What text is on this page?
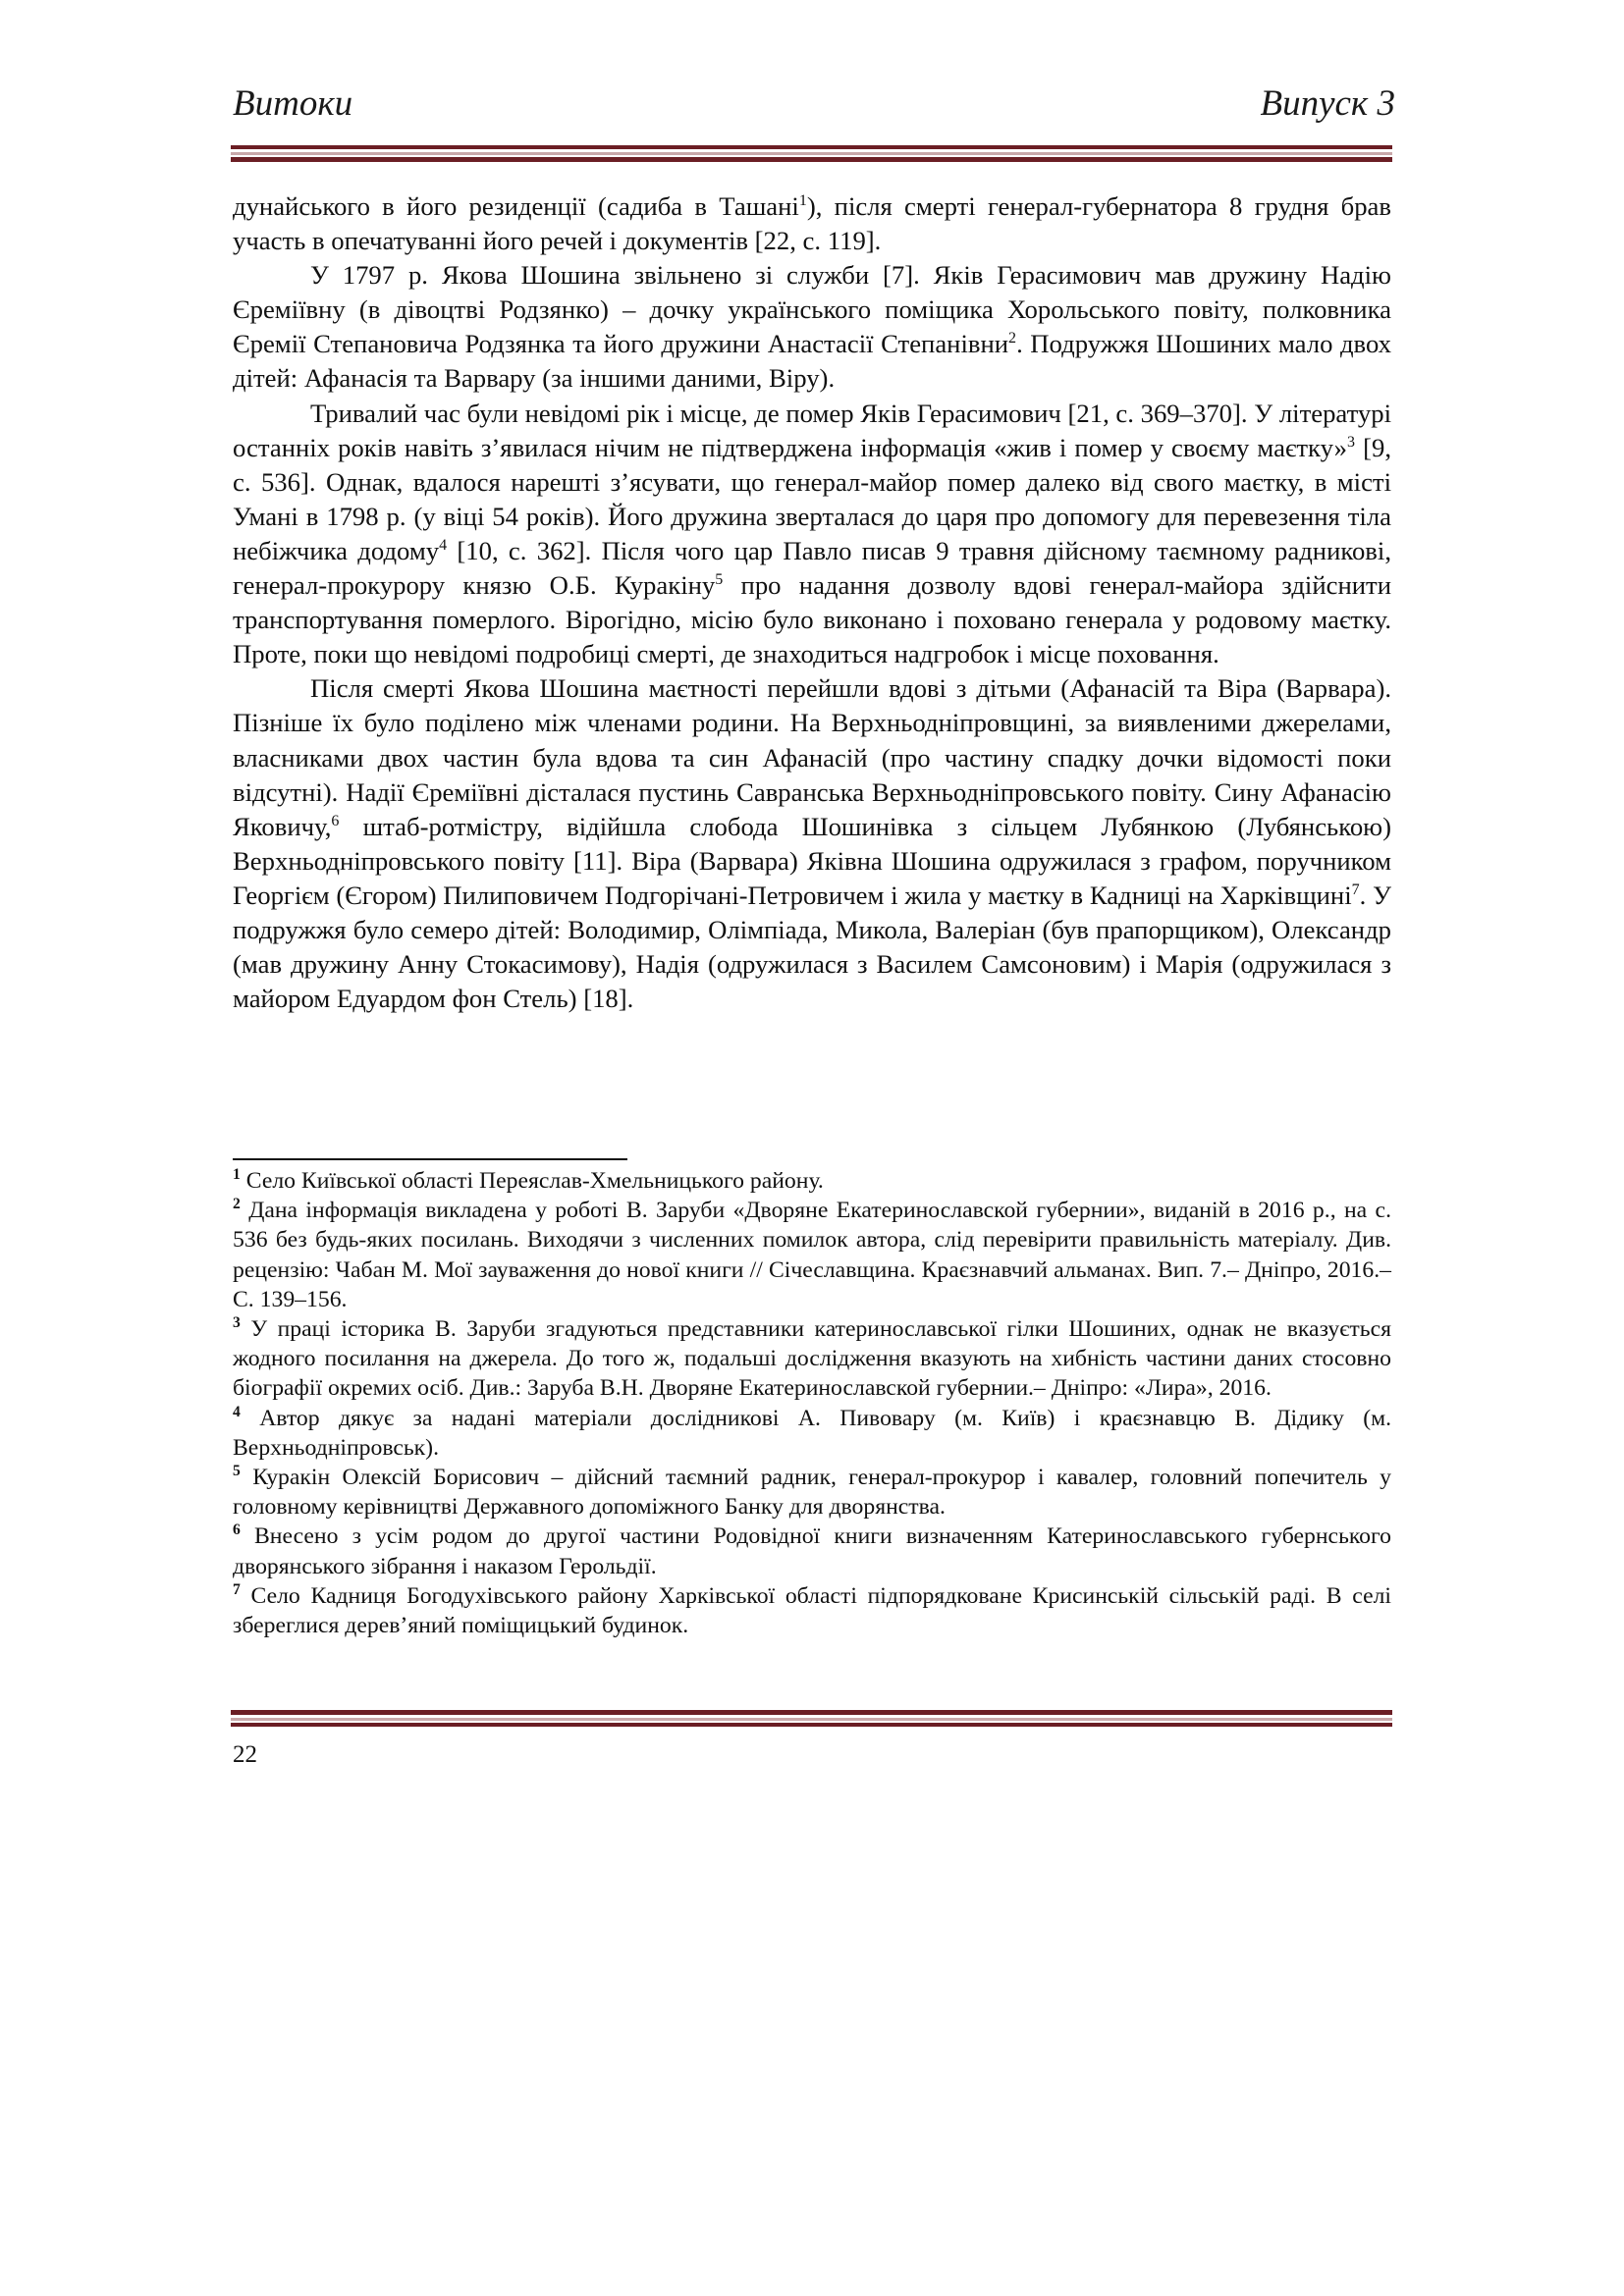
Витоки	Випуск 3

дунайського в його резиденції (садиба в Ташані$^1$), після смерті генерал-губернатора 8 грудня брав участь в опечатуванні його речей і документів [22, с. 119].

У 1797 р. Якова Шошина звільнено зі служби [7]. Яків Герасимович мав дружину Надію Єреміївну (в дівоцтві Родзянко) – дочку українського поміщика Хорольського повіту, полковника Єремії Степановича Родзянка та його дружини Анастасії Степанівни$^2$. Подружжя Шошиних мало двох дітей: Афанасія та Варвару (за іншими даними, Віру).

Тривалий час були невідомі рік і місце, де помер Яків Герасимович [21, с. 369–370]. У літературі останніх років навіть з’явилася нічим не підтверджена інформація «жив і помер у своєму маєтку»$^3$ [9, с. 536]. Однак, вдалося нарешті з’ясувати, що генерал-майор помер далеко від свого маєтку, в місті Умані в 1798 р. (у віці 54 років). Його дружина зверталася до царя про допомогу для перевезення тіла небіжчика додому$^4$ [10, с. 362]. Після чого цар Павло писав 9 травня дійсному таємному радникові, генерал-прокурору князю О.Б. Куракіну$^5$ про надання дозволу вдові генерал-майора здійснити транспортування померлого. Вірогідно, місію було виконано і поховано генерала у родовому маєтку. Проте, поки що невідомі подробиці смерті, де знаходиться надгробок і місце поховання.

Після смерті Якова Шошина маєтності перейшли вдові з дітьми (Афанасій та Віра (Варвара). Пізніше їх було поділено між членами родини. На Верхньодніпровщині, за виявленими джерелами, власниками двох частин була вдова та син Афанасій (про частину спадку дочки відомості поки відсутні). Надії Єреміївні дісталася пустинь Савранська Верхньодніпровського повіту. Сину Афанасію Яковичу,$^6$ штаб-ротмістру, відійшла слобода Шошинівка з сільцем Лубянкою (Лубянською) Верхньодніпровського повіту [11]. Віра (Варвара) Яківна Шошина одружилася з графом, поручником Георгієм (Єгором) Пилиповичем Подгорічані-Петровичем і жила у маєтку в Кадниці на Харківщині$^7$. У подружжя було семеро дітей: Володимир, Олімпіада, Микола, Валеріан (був прапорщиком), Олександр (мав дружину Анну Стокасимову), Надія (одружилася з Василем Самсоновим) і Марія (одружилася з майором Едуардом фон Стель) [18].

$^1$ Село Київської області Переяслав-Хмельницького району.

$^2$ Дана інформація викладена у роботі В. Заруби «Дворяне Екатеринославской губернии», виданій в 2016 р., на с. 536 без будь-яких посилань. Виходячи з численних помилок автора, слід перевірити правильність матеріалу. Див. рецензію: Чабан М. Мої зауваження до нової книги // Січеславщина. Краєзнавчий альманах. Вип. 7.– Дніпро, 2016.– С. 139–156.

$^3$ У праці історика В. Заруби згадуються представники катеринославської гілки Шошиних, однак не вказується жодного посилання на джерела. До того ж, подальші дослідження вказують на хибність частини даних стосовно біографії окремих осіб. Див.: Заруба В.Н. Дворяне Екатеринославской губернии.– Дніпро: «Лира», 2016.

$^4$ Автор дякує за надані матеріали дослідникові А. Пивовару (м. Київ) і краєзнавцю В. Дідику (м. Верхньодніпровськ).

$^5$ Куракін Олексій Борисович – дійсний таємний радник, генерал-прокурор і кавалер, головний попечитель у головному керівництві Державного допоміжного Банку для дворянства.

$^6$ Внесено з усім родом до другої частини Родовідної книги визначенням Катеринославського губернського дворянського зібрання і наказом Герольдії.

$^7$ Село Кадниця Богодухівського району Харківської області підпорядковане Крисинській сільській раді. В селі збереглися дерев’яний поміщицький будинок.

22
